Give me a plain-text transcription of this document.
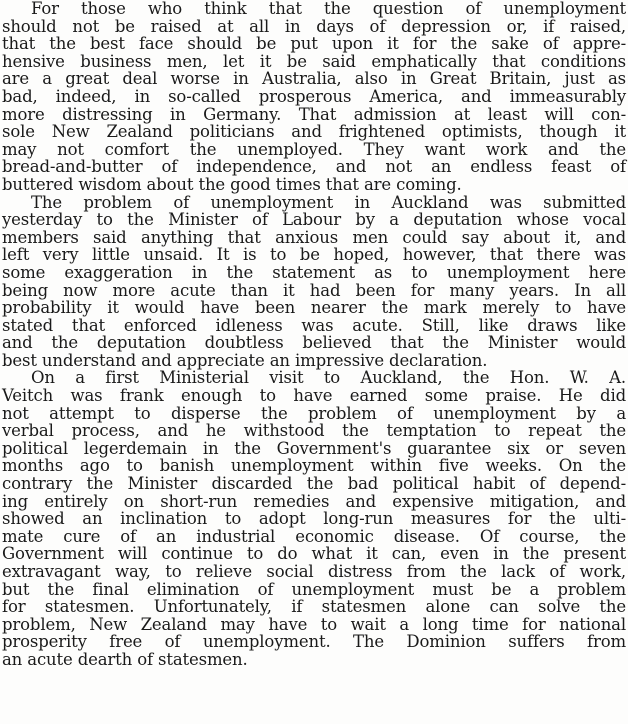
For those who think that the question of unemployment
should not be raised at all in days of depression or, if raised,
that the best face should be put upon it for the sake of appre-
hensive business men, let it be said emphatically that conditions
are a great deal worse in Australia, also in Great Britain, just as
bad, indeed, in so-called prosperous America, and immeasurably
more distressing in Germany. That admission at least will con-
sole New Zealand politicians and frightened optimists, though it
may not comfort the unemployed. They want work and the
bread-and-butter of independence, and not an endless feast of
buttered wisdom about the good times that are coming.
The problem of unemployment in Auckland was submitted
yesterday to the Minister of Labour by a deputation whose vocal
members said anything that anxious men could say about it, and
left very little unsaid. It is to be hoped, however, that there was
some exaggeration in the statement as to unemployment here
being now more acute than it had been for many years. In all
probability it would have been nearer the mark merely to have
stated that enforced idleness was acute. Still, like draws like
and the deputation doubtless believed that the Minister would
best understand and appreciate an impressive declaration.
On a first Ministerial visit to Auckland, the Hon. W. A.
Veitch was frank enough to have earned some praise. He did
not attempt to disperse the problem of unemployment by a
verbal process, and he withstood the temptation to repeat the
political legerdemain in the Government's guarantee six or seven
months ago to banish unemployment within five weeks. On the
contrary the Minister discarded the bad political habit of depend-
ing entirely on short-run remedies and expensive mitigation, and
showed an inclination to adopt long-run measures for the ulti-
mate cure of an industrial economic disease. Of course, the
Government will continue to do what it can, even in the present
extravagant way, to relieve social distress from the lack of work,
but the final elimination of unemployment must be a problem
for statesmen. Unfortunately, if statesmen alone can solve the
problem, New Zealand may have to wait a long time for national
prosperity free of unemployment. The Dominion suffers from
an acute dearth of statesmen.
